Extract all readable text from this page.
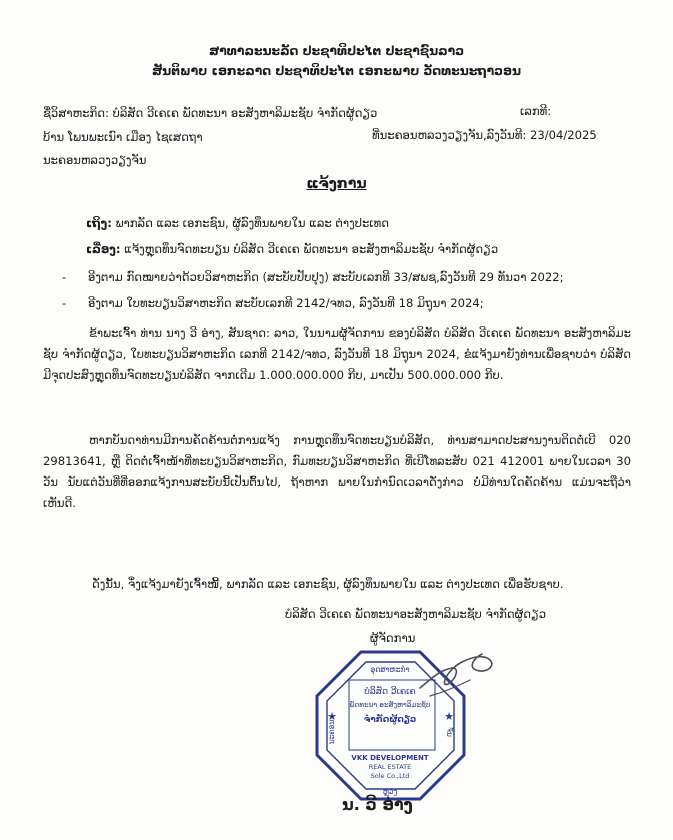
ສາທາລະນະລັດ ປະຊາທິປະໄຕ ປະຊາຊົນລາວ
ສັນຕິພາບ ເອກະລາດ ປະຊາທິປະໄຕ ເອກະພາບ ວັດທະນະຖາວອນ
ຊື່ວິສາຫະກິດ: ບໍລິສັດ ວີເຄເຄ ພັດທະນາ ອະສັງຫາລິມະຊັບ ຈຳກັດຜູ້ດຽວ	ເລກທີ:
ບ້ານ ໂພນພະເນົາ ເມືອງ ໄຊເສດຖາ	ທີ່ນະຄອນຫລວງວຽງຈັນ,ລົງວັນທີ: 23/04/2025
ນະຄອນຫລວງວຽງຈັນ
ແຈ້ງການ
ເຖິງ: ພາກລັດ ແລະ ເອກະຊົນ, ຜູ້ລົງທຶນພາຍໃນ ແລະ ຕ່າງປະເທດ
ເລື່ອງ: ແຈ້ງຫຼຸດທຶນຈົດທະບຽນ ບໍລິສັດ ວີເຄເຄ ພັດທະນາ ອະສັງຫາລິມະຊັບ ຈຳກັດຜູ້ດຽວ
- ອີງຕາມ ກົດໝາຍວ່າດ້ວຍວິສາຫະກິດ (ສະບັບປັບປຸງ) ສະບັບເລກທີ 33/ສພຊ,ລົງວັນທີ 29 ທັນວາ 2022;
- ອີງຕາມ ໃບທະບຽນວິສາຫະກິດ ສະບັບເລກທີ 2142/ຈທວ, ລົງວັນທີ 18 ມິຖຸນາ 2024;
ຂ້າພະເຈົ້າ ທ່ານ ນາງ ວີ ອ່າງ, ສັນຊາດ: ລາວ, ໃນນາມຜູ້ຈັດການ ຂອງບໍລິສັດ ບໍລິສັດ ວີເຄເຄ ພັດທະນາ ອະສັງຫາລິມະຊັບ ຈຳກັດຜູ້ດຽວ, ໃບທະບຽນວິສາຫະກິດ ເລກທີ 2142/ຈທວ, ລົງວັນທີ 18 ມິຖຸນາ 2024, ຂໍແຈ້ງມາຍັງທ່ານເພື່ອຊາບວ່າ ບໍລິສັດມີຈຸດປະສົງຫຼຸດທຶນຈົດທະບຽນບໍລິສັດ ຈາກເດີມ 1.000.000.000 ກີບ, ມາເປັນ 500.000.000 ກີບ.
ຫາກບັນດາທ່ານມີການຄັດຄ້ານຕໍ່ການແຈ້ງ ການຫຼຸດທຶນຈົດທະບຽນບໍລິສັດ, ທ່ານສາມາດປະສານງານຕິດຕໍ່ເບີ 020 29813641, ຫຼື ຕິດຕໍ່ເຈົ້າໜ້າທີ່ທະບຽນວິສາຫະກິດ, ກົມທະບຽນວິສາຫະກິດ ທີ່ເບີໂທລະສັບ 021 412001 ພາຍໃນເວລາ 30 ວັນ ນັບແຕ່ວັນທີ່ທີ່ອອກແຈ້ງການສະບັບນີ້ເປັນຕົ້ນໄປ, ຖ້າຫາກ ພາຍໃນກຳນົດເວລາດັ່ງກ່າວ ບໍ່ມີທ່ານໃດຄັດຄ້ານ ແມ່ນຈະຖືວ່າເຫັນດີ.
ດັ່ງນັ້ນ, ຈຶ່ງແຈ້ງມາຍັງເຈົ້າໜີ້, ພາກລັດ ແລະ ເອກະຊົນ, ຜູ້ລົງທຶນພາຍໃນ ແລະ ຕ່າງປະເທດ ເພື່ອຮັບຊາບ.
ບໍລິສັດ ວີເຄເຄ ພັດທະນາອະສັງຫາລິມະຊັບ ຈຳກັດຜູ້ດຽວ
ຜູ້ຈັດການ
ອຸດສາຫະກຳ
ນະຄອນ	ຈັນ
ບໍລິສັດ ວີເຄເຄ
ພັດທະນາ ອະສັງຫາລິມະຊັບ
ຈຳກັດຜູ້ດຽວ
★	★
VKK DEVELOPMENT
REAL ESTATE
Sole Co.,Ltd
ຫຼວງ
ນ. ວີ ອ່າງ
